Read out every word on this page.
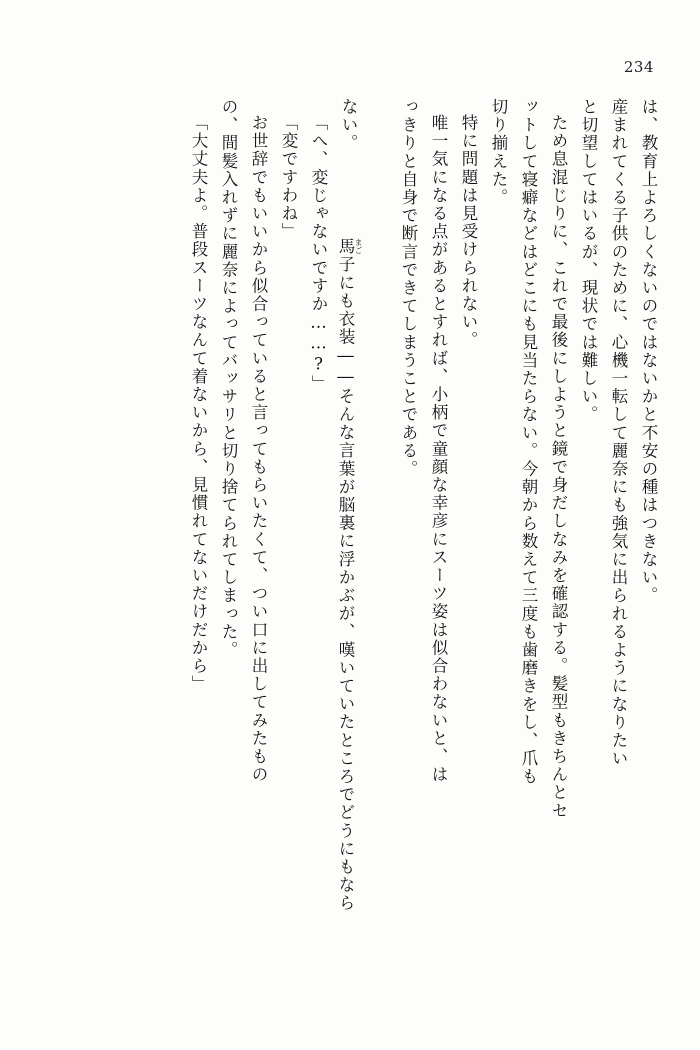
234
は、教育上よろしくないのではないかと不安の種はつきない。
産まれてくる子供のために、心機一転して麗奈にも強気に出られるようになりたい
と切望してはいるが、現状では難しい。
ため息混じりに、これで最後にしようと鏡で身だしなみを確認する。髪型もきちんとセ
ットして寝癖などはどこにも見当たらない。今朝から数えて三度も歯磨きをし、爪も
切り揃えた。
特に問題は見受けられない。
唯一気になる点があるとすれば、小柄で童顔な幸彦にスーツ姿は似合わないと、は
っきりと自身で断言できてしまうことである。

まご

馬子にも衣装――そんな言葉が脳裏に浮かぶが、嘆いていたところでどうにもなら

ない。
「へ、変じゃないですか……?」
「変ですわね」
お世辞でもいいから似合っていると言ってもらいたくて、つい口に出してみたもの
の、間髪入れずに麗奈によってバッサリと切り捨てられてしまった。
「大丈夫よ。普段スーツなんて着ないから、見慣れてないだけだから」
